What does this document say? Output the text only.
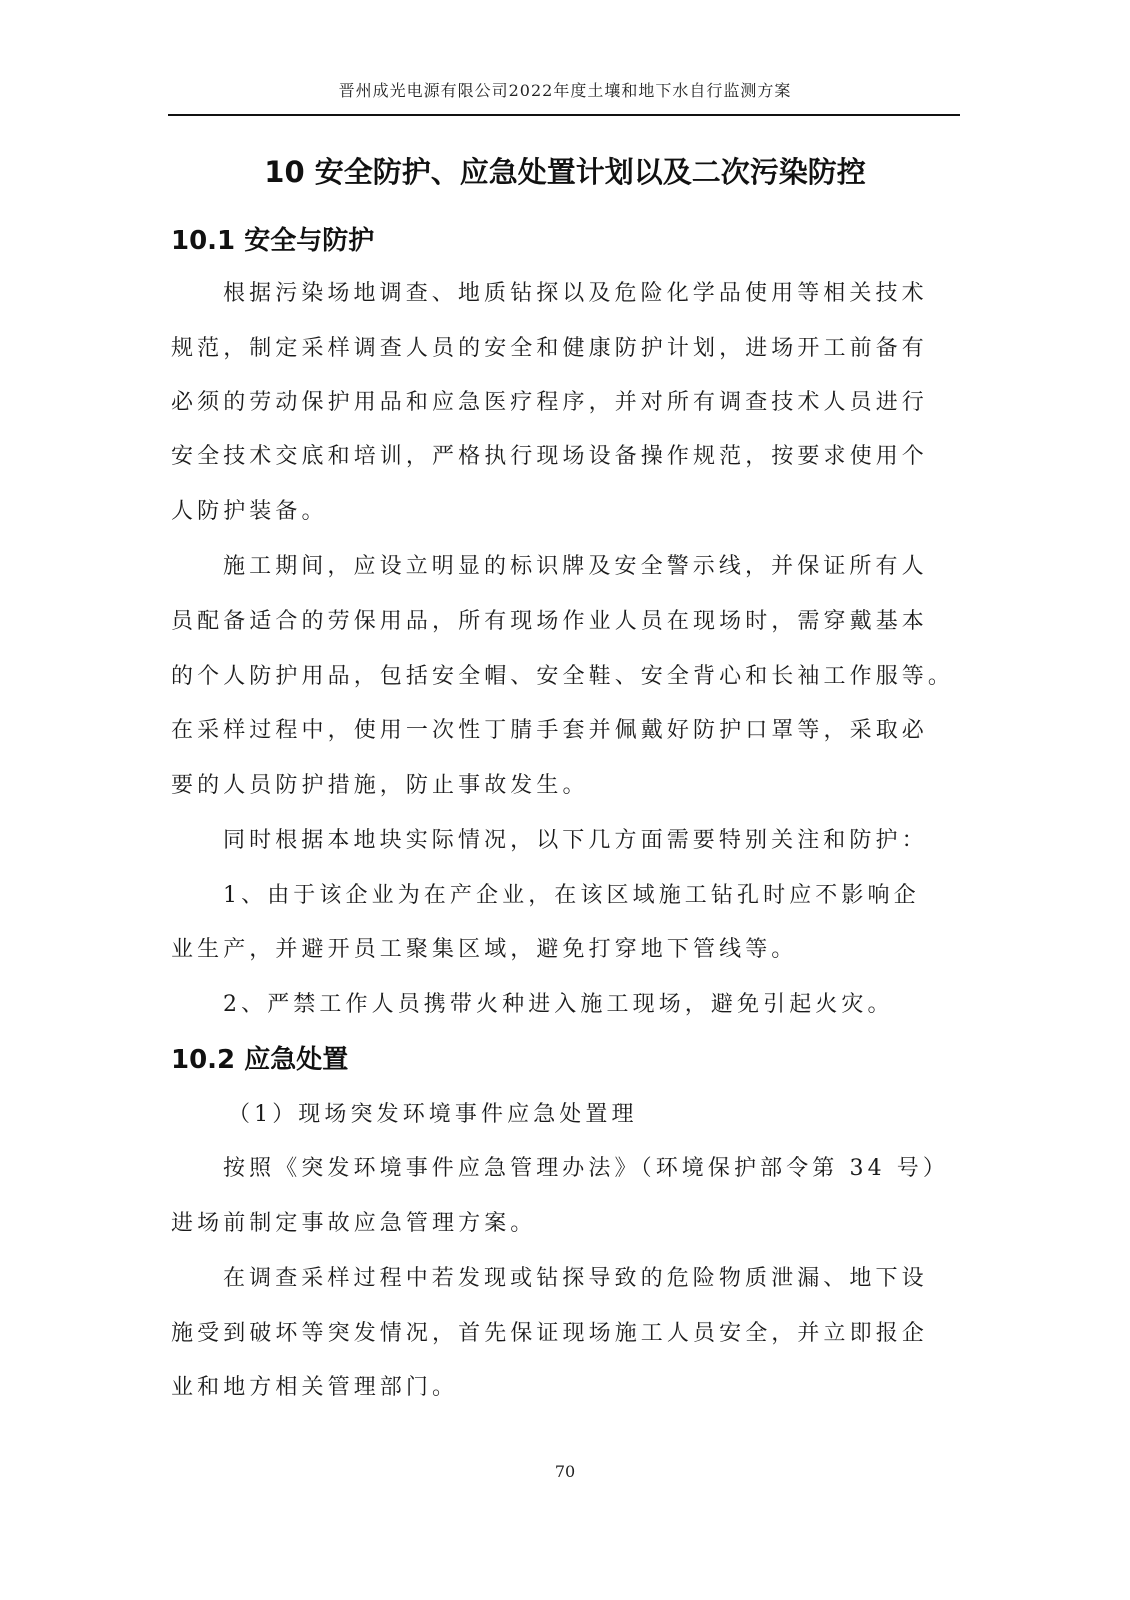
晋州成光电源有限公司2022年度土壤和地下水自行监测方案
10 安全防护、应急处置计划以及二次污染防控
10.1 安全与防护
根据污染场地调查、地质钻探以及危险化学品使用等相关技术
规范，制定采样调查人员的安全和健康防护计划，进场开工前备有
必须的劳动保护用品和应急医疗程序，并对所有调查技术人员进行
安全技术交底和培训，严格执行现场设备操作规范，按要求使用个
人防护装备。
施工期间，应设立明显的标识牌及安全警示线，并保证所有人
员配备适合的劳保用品，所有现场作业人员在现场时，需穿戴基本
的个人防护用品，包括安全帽、安全鞋、安全背心和长袖工作服等。
在采样过程中，使用一次性丁腈手套并佩戴好防护口罩等，采取必
要的人员防护措施，防止事故发生。
同时根据本地块实际情况，以下几方面需要特别关注和防护：
1、由于该企业为在产企业，在该区域施工钻孔时应不影响企
业生产，并避开员工聚集区域，避免打穿地下管线等。
2、严禁工作人员携带火种进入施工现场，避免引起火灾。
10.2 应急处置
（1）现场突发环境事件应急处置理
按照《突发环境事件应急管理办法》（环境保护部令第 34 号）
进场前制定事故应急管理方案。
在调查采样过程中若发现或钻探导致的危险物质泄漏、地下设
施受到破坏等突发情况，首先保证现场施工人员安全，并立即报企
业和地方相关管理部门。
70
